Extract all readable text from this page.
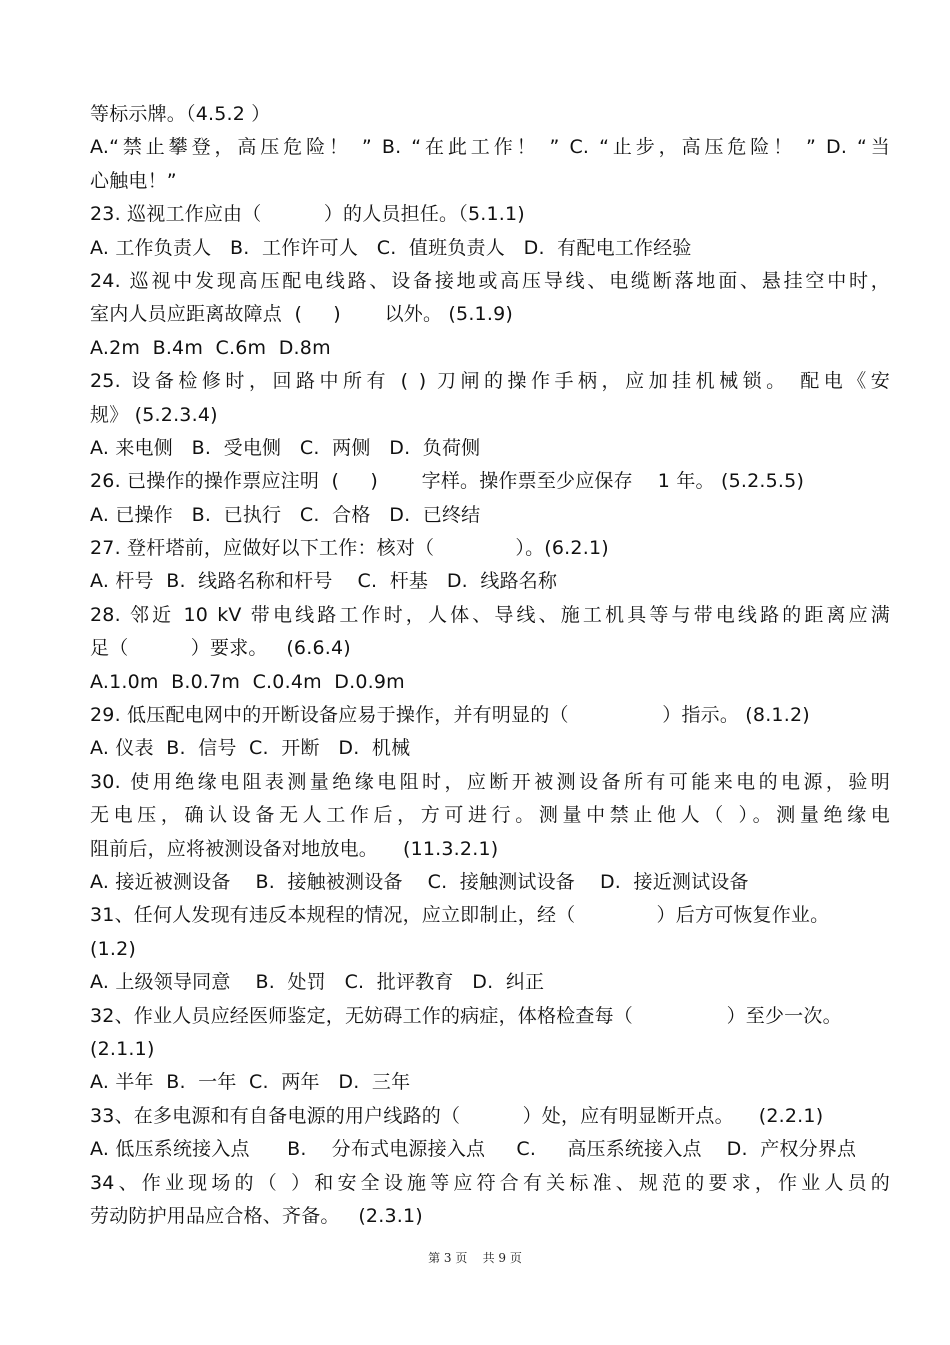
等标示牌。（4.5.2 ）
A.“禁止攀登，高压危险！ ” B. “在此工作！ ” C. “止步，高压危险！ ” D. “当
心触电！”
23. 巡视工作应由（          ）的人员担任。（5.1.1)
A. 工作负责人   B.  工作许可人   C.  值班负责人   D.  有配电工作经验
24. 巡视中发现高压配电线路、设备接地或高压导线、电缆断落地面、悬挂空中时，
室内人员应距离故障点  (     )       以外。 (5.1.9)
A.2m  B.4m  C.6m  D.8m
25. 设备检修时，回路中所有 ( ) 刀闸的操作手柄，应加挂机械锁。 配电《安
规》 (5.2.3.4)
A. 来电侧   B.  受电侧   C.  两侧   D.  负荷侧
26. 已操作的操作票应注明  (     )       字样。操作票至少应保存    1 年。 (5.2.5.5)
A. 已操作   B.  已执行   C.  合格   D.  已终结
27. 登杆塔前，应做好以下工作：核对（             ）。(6.2.1)
A. 杆号  B.  线路名称和杆号    C.  杆基   D.  线路名称
28. 邻近 10 kV 带电线路工作时，人体、导线、施工机具等与带电线路的距离应满
足（          ）要求。   (6.6.4)
A.1.0m  B.0.7m  C.0.4m  D.0.9m
29. 低压配电网中的开断设备应易于操作，并有明显的（               ）指示。 (8.1.2)
A. 仪表  B.  信号  C.  开断   D.  机械
30. 使用绝缘电阻表测量绝缘电阻时，应断开被测设备所有可能来电的电源，验明
无电压，确认设备无人工作后，方可进行。测量中禁止他人（ ）。测量绝缘电
阻前后，应将被测设备对地放电。    (11.3.2.1)
A. 接近被测设备    B.  接触被测设备    C.  接触测试设备    D.  接近测试设备
31、任何人发现有违反本规程的情况，应立即制止，经（             ）后方可恢复作业。
(1.2)
A. 上级领导同意    B.  处罚   C.  批评教育   D.  纠正
32、作业人员应经医师鉴定，无妨碍工作的病症，体格检查每（               ）至少一次。
(2.1.1)
A. 半年  B.  一年  C.  两年   D.  三年
33、在多电源和有自备电源的用户线路的（          ）处，应有明显断开点。    (2.2.1)
A. 低压系统接入点      B.    分布式电源接入点     C.     高压系统接入点    D.  产权分界点
34、作业现场的（ ）和安全设施等应符合有关标准、规范的要求，作业人员的
劳动防护用品应合格、齐备。   (2.3.1)
第 3 页    共 9 页
